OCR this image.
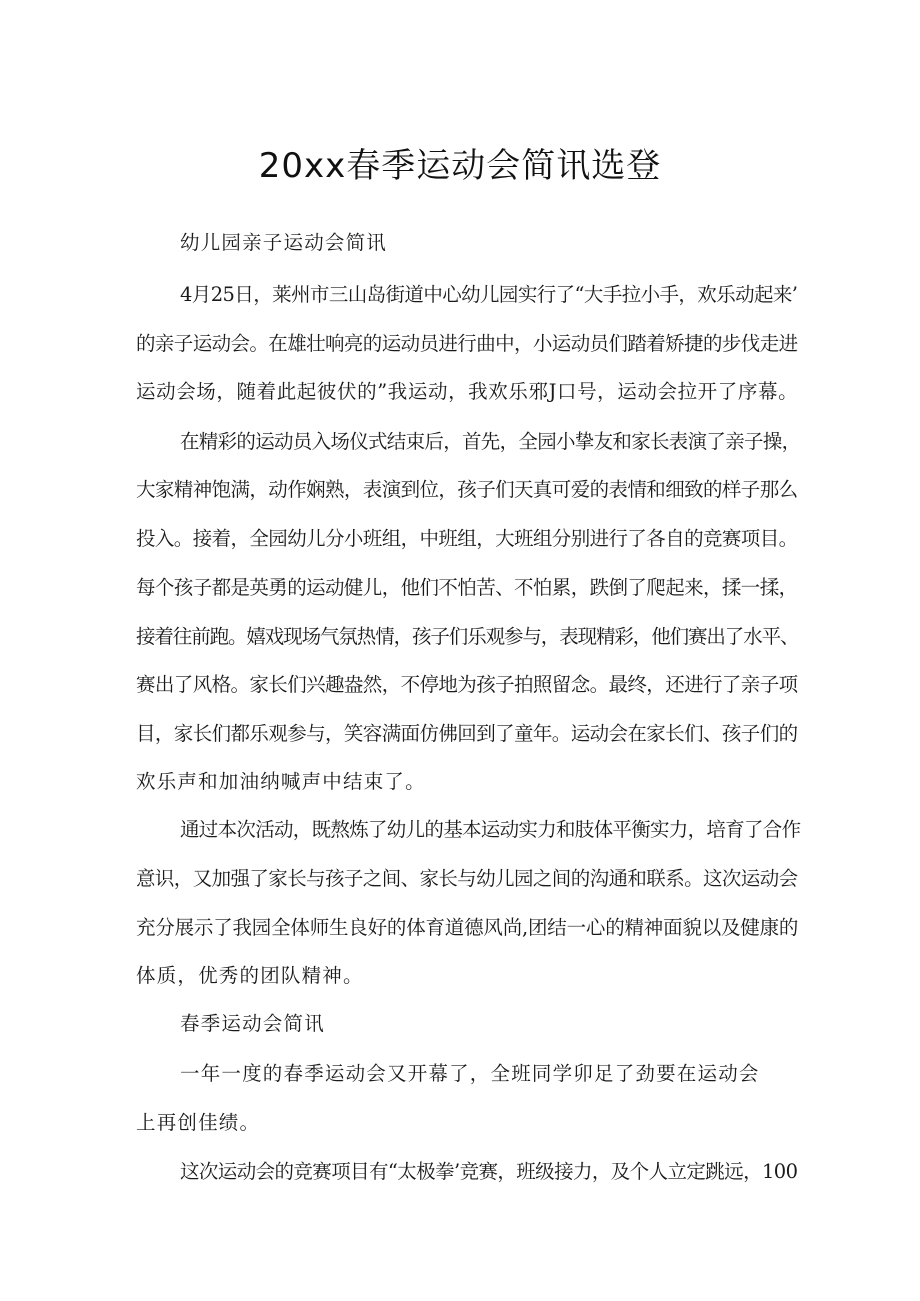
20xx春季运动会简讯选登

幼儿园亲子运动会简讯

4月25日，莱州市三山岛街道中心幼儿园实行了“大手拉小手，欢乐动起来’

的亲子运动会。在雄壮响亮的运动员进行曲中，小运动员们踏着矫捷的步伐走进

运动会场，随着此起彼伏的”我运动，我欢乐邪J口号，运动会拉开了序幕。

在精彩的运动员入场仪式结束后，首先，全园小挚友和家长表演了亲子操，

大家精神饱满，动作娴熟，表演到位，孩子们天真可爱的表情和细致的样子那么

投入。接着，全园幼儿分小班组，中班组，大班组分别进行了各自的竞赛项目。

每个孩子都是英勇的运动健儿，他们不怕苦、不怕累，跌倒了爬起来，揉一揉，

接着往前跑。嬉戏现场气氛热情，孩子们乐观参与，表现精彩，他们赛出了水平、

赛出了风格。家长们兴趣盎然，不停地为孩子拍照留念。最终，还进行了亲子项

目，家长们都乐观参与，笑容满面仿佛回到了童年。运动会在家长们、孩子们的

欢乐声和加油纳喊声中结束了。

通过本次活动，既熬炼了幼儿的基本运动实力和肢体平衡实力，培育了合作

意识，又加强了家长与孩子之间、家长与幼儿园之间的沟通和联系。这次运动会

充分展示了我园全体师生良好的体育道德风尚,团结一心的精神面貌以及健康的

体质，优秀的团队精神。

春季运动会简讯

一年一度的春季运动会又开幕了，全班同学卯足了劲要在运动会

上再创佳绩。

这次运动会的竞赛项目有“太极拳’竞赛，班级接力，及个人立定跳远，100
